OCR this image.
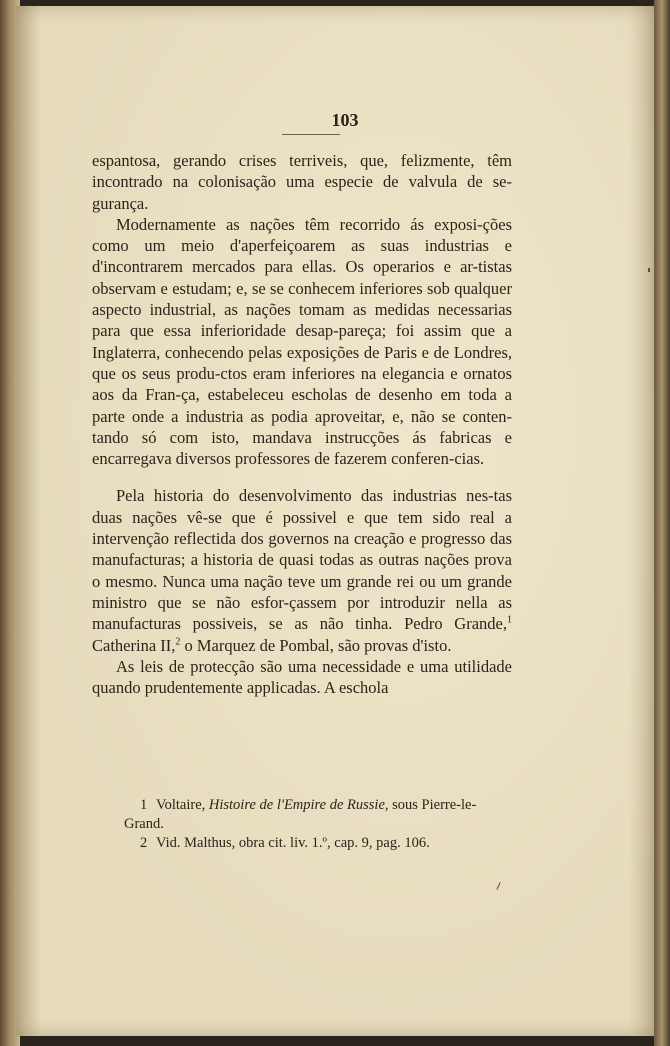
103

espantosa, gerando crises terriveis, que, felizmente, têm incontrado na colonisação uma especie de valvula de se-gurança.

Modernamente as nações têm recorrido ás exposi-ções como um meio d'aperfeiçoarem as suas industrias e d'incontrarem mercados para ellas. Os operarios e ar-tistas observam e estudam; e, se se conhecem inferiores sob qualquer aspecto industrial, as nações tomam as medidas necessarias para que essa inferioridade desap-pareça; foi assim que a Inglaterra, conhecendo pelas exposições de Paris e de Londres, que os seus produ-ctos eram inferiores na elegancia e ornatos aos da Fran-ça, estabeleceu escholas de desenho em toda a parte onde a industria as podia aproveitar, e, não se conten-tando só com isto, mandava instrucções ás fabricas e encarregava diversos professores de fazerem conferen-cias.

Pela historia do desenvolvimento das industrias nes-tas duas nações vê-se que é possivel e que tem sido real a intervenção reflectida dos governos na creação e progresso das manufacturas; a historia de quasi todas as outras nações prova o mesmo. Nunca uma nação teve um grande rei ou um grande ministro que se não esfor-çassem por introduzir nella as manufacturas possiveis, se as não tinha. Pedro Grande,$^1$ Catherina II,$^2$ o Marquez de Pombal, são provas d'isto.

As leis de protecção são uma necessidade e uma utilidade quando prudentemente applicadas. A eschola

1 Voltaire, Histoire de l'Empire de Russie, sous Pierre-le-Grand.

2 Vid. Malthus, obra cit. liv. 1.º, cap. 9, pag. 106.
